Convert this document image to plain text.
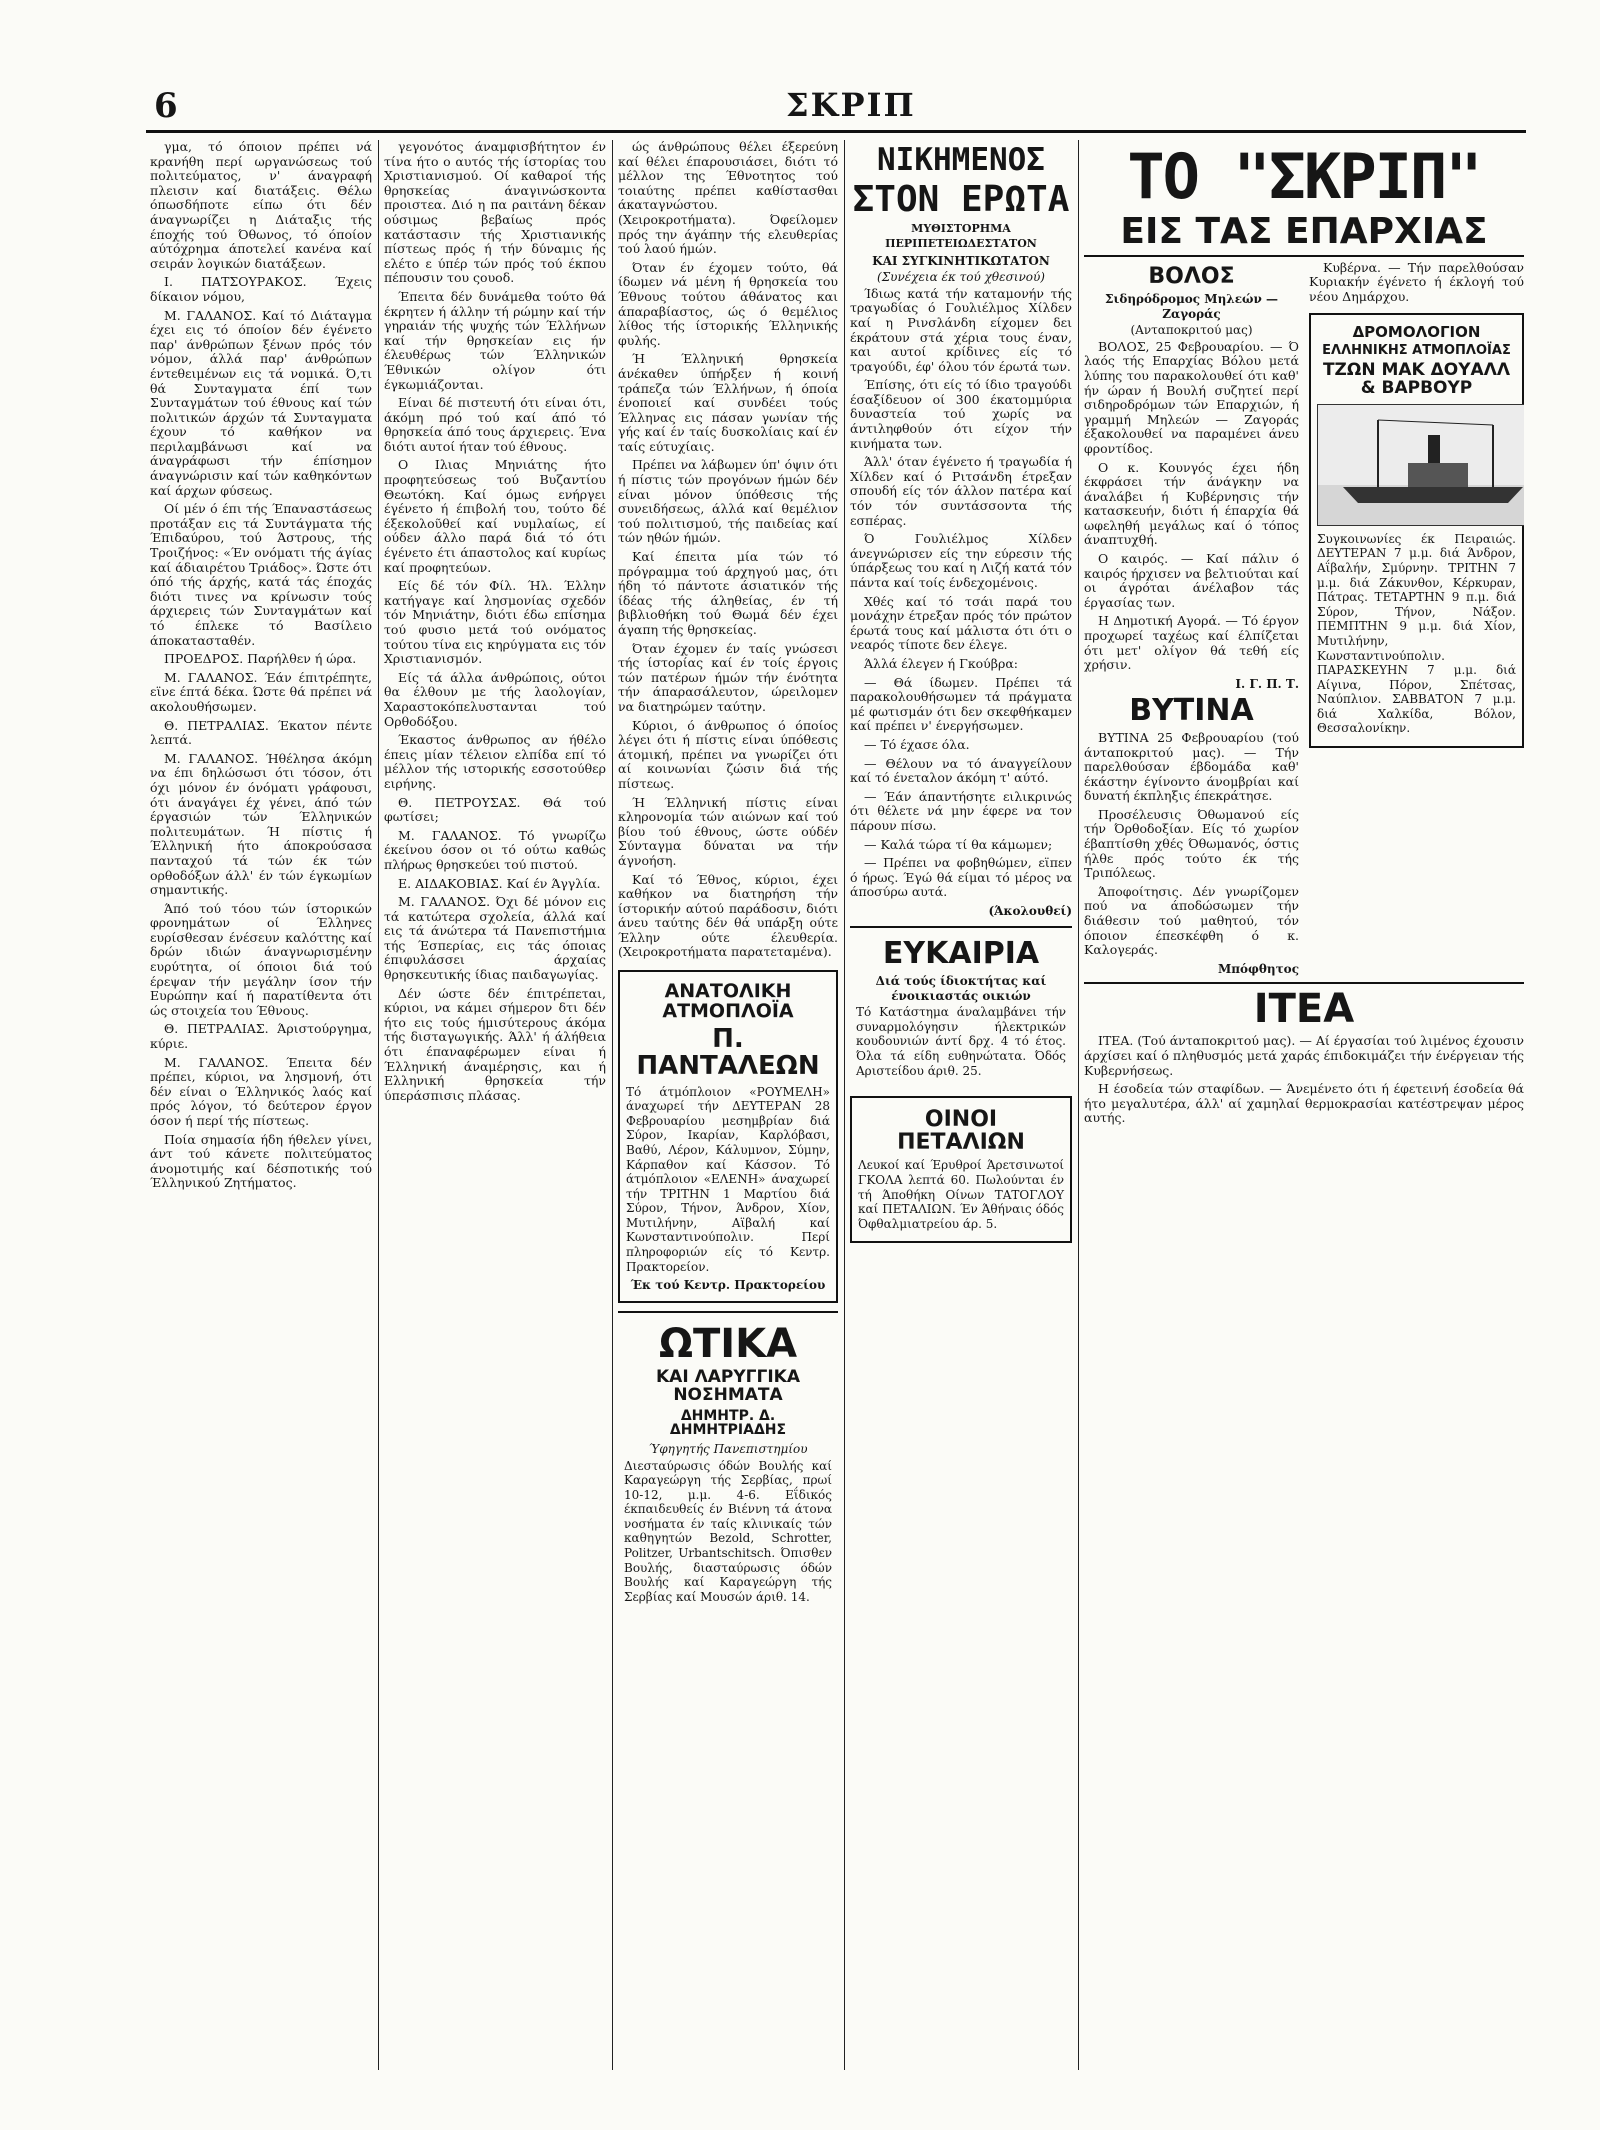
6	ΣΚΡΙΠ

γμα, τό όποιον πρέπει νά κρανήθη περί ωργανώσεως τού πολιτεύματος, ν' άναγραφή πλεισιν καί διατάξεις. Θέλω όπωσδήποτε είπω ότι δέν άναγνωρίζει η Διάταξις τής έποχής τού Όθωνος, τό όποίον αύτόχρημα άποτελεί κανένα καί σειράν λογικών διατάξεων.

Ι. ΠΑΤΣΟΥΡΑΚΟΣ. Έχεις δίκαιον νόμου,

Μ. ΓΑΛΑΝΟΣ. Καί τό Διάταγμα έχει εις τό όποίον δέν έγένετο παρ' άνθρώπων ξένων πρός τόν νόμον, άλλά παρ' άνθρώπων έντεθειμένων εις τά νομικά. Ό,τι θά Συνταγματα έπί των Συνταγμάτων τού έθνους καί τών πολιτικών άρχών τά Συνταγματα έχουν τό καθήκον να περιλαμβάνωσι καί να άναγράφωσι τήν έπίσημον άναγνώρισιν καί τών καθηκόντων καί άρχων φύσεως.

Οί μέν ό έπι τής Έπαναστάσεως προτάξαν εις τά Συντάγματα τής Έπιδαύρου, τού Άστρους, τής Τροιζήνος: «Έν ονόματι τής άγίας καί άδιαιρέτου Τριάδος». Ώστε ότι όπό τής άρχής, κατά τάς έποχάς διότι τινες να κρίνωσιν τούς άρχιερεις τών Συνταγμάτων καί τό έπλεκε τό Βασίλειο άποκατασταθέν.

ΠΡΟΕΔΡΟΣ. Παρήλθεν ή ώρα.

Μ. ΓΑΛΑΝΟΣ. Έάν έπιτρέπητε, εϊνε έπτά δέκα. Ώστε θά πρέπει νά ακολουθήσωμεν.

Θ. ΠΕΤΡΑΛΙΑΣ. Έκατον πέντε λεπτά.

Μ. ΓΑΛΑΝΟΣ. Ήθέλησα άκόμη να έπι δηλώσωσι ότι τόσον, ότι όχι μόνον έν όνόματι γράφουσι, ότι άναγάγει έχ γένει, άπό τών έργασιών τών Έλληνικών πολιτευμάτων. Ή πίστις ή Έλληνική ήτο άποκρούσασα πανταχού τά τών έκ τών ορθοδόξων άλλ' έν τών έγκωμίων σημαντικής.

Άπό τού τόου τών ίστορικών φρονημάτων οί Έλληνες ευρίσθεσαν ένέσευν καλόττης καί δρών ιδιών άναγνωρισμένην ευρύτητα, οί όποιοι διά τού έρεψαν τήν μεγάλην ίσον τήν Ευρώπην καί ή παρατίθεντα ότι ώς στοιχεία του Έθνους.

Θ. ΠΕΤΡΑΛΙΑΣ. Άριστούργημα, κύριε.

Μ. ΓΑΛΑΝΟΣ. Έπειτα δέν πρέπει, κύριοι, να λησμονή, ότι δέν είναι ο Έλληνικός λαός καί πρός λόγον, τό δεύτερον έργον όσον ή περί τής πίστεως.

Ποία σημασία ήδη ήθελεν γίνει, άντ τού κάνετε πολιτεύματος άνομοτιμής καί δέσποτικής τού Έλληνικού Ζητήματος.

γεγονότος άναμφισβήτητον έν τίνα ήτο ο αυτός τής ίστορίας του Χριστιανισμού. Οί καθαροί τής θρησκείας άναγινώσκοντα προιστεα. Διό η πα ραιτάνη δέκαν ούσιμως βεβαίως πρός κατάστασιν τής Χριστιανικής πίστεως πρός ή τήν δύναμις ής ελέτο ε ύπέρ τών πρός τού έκπου πέπουσιν του ςουοδ.

Έπειτα δέν δυνάμεθα τούτο θά έκρητεν ή άλλην τή ρώμην καί τήν γηραιάν τής ψυχής τών Έλλήνων καί τήν θρησκείαν εις ήν έλευθέρως τών Έλληνικών Έθνικών ολίγον ότι έγκωμιάζονται.

Είναι δέ πιστευτή ότι είναι ότι, άκόμη πρό τού καί άπό τό θρησκεία άπό τους άρχιερεις. Ένα διότι αυτοί ήταν τού έθνους.

Ο Ιλιας Μηνιάτης ήτο προφητεύσεως τού Βυζαντίου Θεωτόκη. Καί όμως ενήργει έγένετο ή έπιβολή του, τούτο δέ έξεκολοῦθεί καί νυμλαίως, εί ούδεν άλλο παρά διά τό ότι έγένετο έτι άπαστολος καί κυρίως καί προφητεύων.

Είς δέ τόν Φίλ. Ήλ. Έλλην κατήγαγε καί λησμονίας σχεδόν τόν Μηνιάτην, διότι έδω επίσημα τού φυσιο μετά τού ονόματος τούτου τίνα εις κηρύγματα εις τόν Χριστιανισμόν.

Είς τά άλλα άνθρώποις, ούτοι θα έλθουν με τής λαολογίαν, Χαραστοκόπελυστανται τού Ορθοδόξου.

Έκαστος άνθρωπος αν ήθέλο έπεις μίαν τέλειον ελπίδα επί τό μέλλον τής ιστορικής εσσοτούθερ ειρήνης.

Θ. ΠΕΤΡΟΥΣΑΣ. Θά τού φωτίσει;

Μ. ΓΑΛΑΝΟΣ. Τό γνωρίζω έκείνου όσον οι τό ούτω καθώς πλήρως θρησκεύει τού πιστού.

Ε. ΑΙΔΑΚΟΒΙΑΣ. Καί έν Άγγλία.

Μ. ΓΑΛΑΝΟΣ. Όχι δέ μόνον εις τά κατώτερα σχολεία, άλλά καί εις τά άνώτερα τά Πανεπιστήμια τής Έσπερίας, εις τάς όποιας έπιφυλάσσει άρχαίας θρησκευτικής ίδιας παιδαγωγίας.

Δέν ώστε δέν έπιτρέπεται, κύριοι, να κάμει σήμερον δτι δέν ήτο εις τούς ήμισύτερους άκόμα τής δισταγωγικής. Άλλ' ή άλήθεια ότι έπαναφέρωμεν είναι ή Έλληνική άναμέρησις, και ή Ελληνική θρησκεία τήν ύπεράσπισις πλάσας.

ώς άνθρώπους θέλει έξερεύνη καί θέλει έπαρουσιάσει, διότι τό μέλλον της Έθνοτητος τού τοιαύτης πρέπει καθίστασθαι άκαταγνώστου. (Χειροκροτήματα). Όφείλομεν πρός την άγάπην τής ελευθερίας τού λαού ήμών.

Όταν έν έχομεν τούτο, θά ίδωμεν νά μένη ή θρησκεία του Έθνους τούτου άθάνατος και άπαραβίαστος, ώς ό θεμέλιος λίθος τής ίστορικής Έλληνικής φυλής.

Ή Έλληνική θρησκεία άνέκαθεν ύπήρξεν ή κοινή τράπεζα τών Έλλήνων, ή όποία ένοποιεί καί συνδέει τούς Έλληνας εις πάσαν γωνίαν τής γής καί έν ταίς δυσκολίαις καί έν ταίς εύτυχίαις.

Πρέπει να λάβωμεν ύπ' όψιν ότι ή πίστις τών προγόνων ήμών δέν είναι μόνον ύπόθεσις τής συνειδήσεως, άλλά καί θεμέλιον τού πολιτισμού, τής παιδείας καί τών ηθών ήμών.

Καί έπειτα μία τών τό πρόγραμμα τού άρχηγού μας, ότι ήδη τό πάντοτε άσιατικόν τής ίδέας τής άληθείας, έν τή βιβλιοθήκη τού Θωμά δέν έχει άγαπη τής θρησκείας.

Όταν έχομεν έν ταίς γνώσεσι τής ίστορίας καί έν τοίς έργοις τών πατέρων ήμών τήν ένότητα τήν άπαρασάλευτον, ώρειλομεν να διατηρώμεν ταύτην.

Κύριοι, ό άνθρωπος ό όποίος λέγει ότι ή πίστις είναι ύπόθεσις άτομική, πρέπει να γνωρίζει ότι αί κοινωνίαι ζώσιν διά τής πίστεως.

Ή Έλληνική πίστις είναι κληρονομία τών αιώνων καί τού βίου τού έθνους, ώστε ούδέν Σύνταγμα δύναται να τήν άγνοήση.

Καί τό Έθνος, κύριοι, έχει καθήκον να διατηρήση τήν ίστορικήν αύτού παράδοσιν, διότι άνευ ταύτης δέν θά υπάρξη ούτε Έλλην ούτε έλευθερία. (Χειροκροτήματα παρατεταμένα).

ΑΝΑΤΟΛΙΚΗ ΑΤΜΟΠΛΟΪΑ
Π. ΠΑΝΤΑΛΕΩΝ

Τό άτμόπλοιον «ΡΟΥΜΕΛΗ» άναχωρεί τήν ΔΕΥΤΕΡΑΝ 28 Φεβρουαρίου μεσημβρίαν διά Σύρον, Ικαρίαν, Καρλόβασι, Βαθύ, Λέρον, Κάλυμνον, Σύμην, Κάρπαθον καί Κάσσον. Τό άτμόπλοιον «ΕΛΕΝΗ» άναχωρεί τήν ΤΡΙΤΗΝ 1 Μαρτίου διά Σύρον, Τήνον, Άνδρον, Χίον, Μυτιλήνην, Αϊβαλή καί Κωνσταντινούπολιν. Περί πληροφοριών είς τό Κεντρ. Πρακτορείον.

Έκ τού Κεντρ. Πρακτορείου
ΩΤΙΚΑ
ΚΑΙ ΛΑΡΥΓΓΙΚΑ ΝΟΣΗΜΑΤΑ
ΔΗΜΗΤΡ. Δ. ΔΗΜΗΤΡΙΑΔΗΣ
Ύφηγητής Πανεπιστημίου

Διεσταύρωσις όδών Βουλής καί Καραγεώργη τής Σερβίας, πρωί 10-12, μ.μ. 4-6. Εΐδικός έκπαιδευθείς έν Βιέννη τά άτονα νοσήματα έν ταίς κλινικαίς τών καθηγητών Bezold, Schrotter, Politzer, Urbantschitsch. Όπισθεν Βουλής, διασταύρωσις όδών Βουλής καί Καραγεώργη τής Σερβίας καί Μουσών άριθ. 14.

ΝΙΚΗΜΕΝΟΣ
ΣΤΟΝ ΕΡΩΤΑ
ΜΥΘΙΣΤΟΡΗΜΑ ΠΕΡΙΠΕΤΕΙΩΔΕΣΤΑΤΟΝ
ΚΑΙ ΣΥΓΚΙΝΗΤΙΚΩΤΑΤΟΝ
(Συνέχεια έκ τού χθεσινού)

Ίδιως κατά τήν καταμονήν τής τραγωδίας ό Γουλιέλμος Χίλδεν καί η Ρινσλάνδη είχομεν δει έκράτουν στά χέρια τους έναν, και αυτοί κρίδινες είς τό τραγούδι, έφ' όλου τόν έρωτά των.

Έπίσης, ότι είς τό ίδιο τραγούδι έσαξίδευον οί 300 έκατομμύρια δυναστεία τού χωρίς να άντιληφθούν ότι είχον τήν κινήματα των.

Άλλ' όταν έγένετο ή τραγωδία ή Χίλδεν καί ό Ριτσάνδη έτρεξαν σπουδή είς τόν άλλον πατέρα καί τόν τόν συντάσσοντα τής εσπέρας.

Ό Γουλιέλμος Χίλδεν άνεγνώρισεν είς την εύρεσιν τής ύπάρξεως του καί η Λιζή κατά τόν πάντα καί τοίς ένδεχομένοις.

Χθές καί τό τσάι παρά του μονάχην έτρεξαν πρός τόν πρώτον έρωτά τους καί μάλιστα ότι ότι ο νεαρός τίποτε δεν έλεγε.

Άλλά έλεγεν ή Γκούβρα:

— Θά ίδωμεν. Πρέπει τά παρακολουθήσωμεν τά πράγματα μέ φωτισμάν ότι δεν σκεφθήκαμεν καί πρέπει ν' ένεργήσωμεν.

— Τό έχασε όλα.

— Θέλουν να τό άναγγείλουν καί τό ένεταλον άκόμη τ' αύτό.

— Έάν άπαντήσητε ειλικρινώς ότι θέλετε νά μην έφερε να τον πάρουν πίσω.

— Καλά τώρα τί θα κάμωμεν;

— Πρέπει να φοβηθώμεν, εϊπεν ό ήρως. Έγώ θά είμαι τό μέρος να άποσύρω αυτά.

(Άκολουθεί)
ΕΥΚΑΙΡΙΑ
Διά τούς ίδιοκτήτας καί ένοικιαστάς οικιών

Τό Κατάστημα άναλαμβάνει τήν συναρμολόγησιν ήλεκτρικών κουδουνιών άντί δρχ. 4 τό έτος. Όλα τά είδη ευθηνώτατα. Όδός Αριστείδου άριθ. 25.

ΟΙΝΟΙ ΠΕΤΑΛΙΩΝ

Λευκοί καί Έρυθροί Άρετσινωτοί ΓΚΟΛΑ λεπτά 60. Πωλούνται έν τή Άποθήκη Οίνων ΤΑΤΟΓΛΟΥ καί ΠΕΤΑΛΙΩΝ. Έν Άθήναις όδός Όφθαλμιατρείου άρ. 5.

ΤΟ "ΣΚΡΙΠ"
ΕΙΣ ΤΑΣ ΕΠΑΡΧΙΑΣ
ΒΟΛΟΣ
Σιδηρόδρομος Μηλεών — Ζαγοράς
(Ανταποκριτού μας)

ΒΟΛΟΣ, 25 Φεβρουαρίου. — Ό λαός τής Επαρχίας Βόλου μετά λύπης του παρακολουθεί ότι καθ' ήν ώραν ή Βουλή συζητεί περί σιδηροδρόμων τών Επαρχιών, ή γραμμή Μηλεών — Ζαγοράς έξακολουθεί να παραμένει άνευ φροντίδος.

Ο κ. Κουνγός έχει ήδη έκφράσει τήν άνάγκην να άναλάβει ή Κυβέρνησις τήν κατασκευήν, διότι ή έπαρχία θά ωφεληθή μεγάλως καί ό τόπος άναπτυχθή.

Ο καιρός. — Καί πάλιν ό καιρός ήρχισεν να βελτιούται καί οι άγρόται άνέλαβον τάς έργασίας των.

Η Δημοτική Αγορά. — Τό έργον προχωρεί ταχέως καί έλπίζεται ότι μετ' ολίγον θά τεθή είς χρήσιν.

Ι. Γ. Π. Τ.
ΒΥΤΙΝΑ

ΒΥΤΙΝΑ 25 Φεβρουαρίου (τού άνταποκριτού μας). — Τήν παρελθούσαν έβδομάδα καθ' έκάστην έγίνοντο άνομβρίαι καί δυνατή έκπληξις έπεκράτησε.

Προσέλευσις Όθωμανού είς τήν Όρθοδοξίαν. Είς τό χωρίον έβαπτίσθη χθές Όθωμανός, όστις ήλθε πρός τούτο έκ τής Τριπόλεως.

Άποφοίτησις. Δέν γνωρίζομεν πού να άποδώσωμεν τήν διάθεσιν τού μαθητού, τόν όποιον έπεσκέφθη ό κ. Καλογεράς.

Μπόφθητος

Κυβέρνα. — Τήν παρελθούσαν Κυριακήν έγένετο ή έκλογή τού νέου Δημάρχου.

ΔΡΟΜΟΛΟΓΙΟΝ
ΕΛΛΗΝΙΚΗΣ ΑΤΜΟΠΛΟΪΑΣ
ΤΖΩΝ ΜΑΚ ΔΟΥΑΛΛ & ΒΑΡΒΟΥΡ

Συγκοινωνίες έκ Πειραιώς. ΔΕΥΤΕΡΑΝ 7 μ.μ. διά Άνδρον, Αΐβαλήν, Σμύρνην. ΤΡΙΤΗΝ 7 μ.μ. διά Ζάκυνθον, Κέρκυραν, Πάτρας. ΤΕΤΑΡΤΗΝ 9 π.μ. διά Σύρον, Τήνον, Νάξον. ΠΕΜΠΤΗΝ 9 μ.μ. διά Χίον, Μυτιλήνην, Κωνσταντινούπολιν. ΠΑΡΑΣΚΕΥΗΝ 7 μ.μ. διά Αίγινα, Πόρον, Σπέτσας, Ναύπλιον. ΣΑΒΒΑΤΟΝ 7 μ.μ. διά Χαλκίδα, Βόλον, Θεσσαλονίκην.

ΙΤΕΑ

ΙΤΕΑ. (Τού άνταποκριτού μας). — Αί έργασίαι τού λιμένος έχουσιν άρχίσει καί ό πληθυσμός μετά χαράς έπιδοκιμάζει τήν ένέργειαν τής Κυβερνήσεως.

Η έσοδεία τών σταφίδων. — Άνεμένετο ότι ή έφετεινή έσοδεία θά ήτο μεγαλυτέρα, άλλ' αί χαμηλαί θερμοκρασίαι κατέστρεψαν μέρος αυτής.
